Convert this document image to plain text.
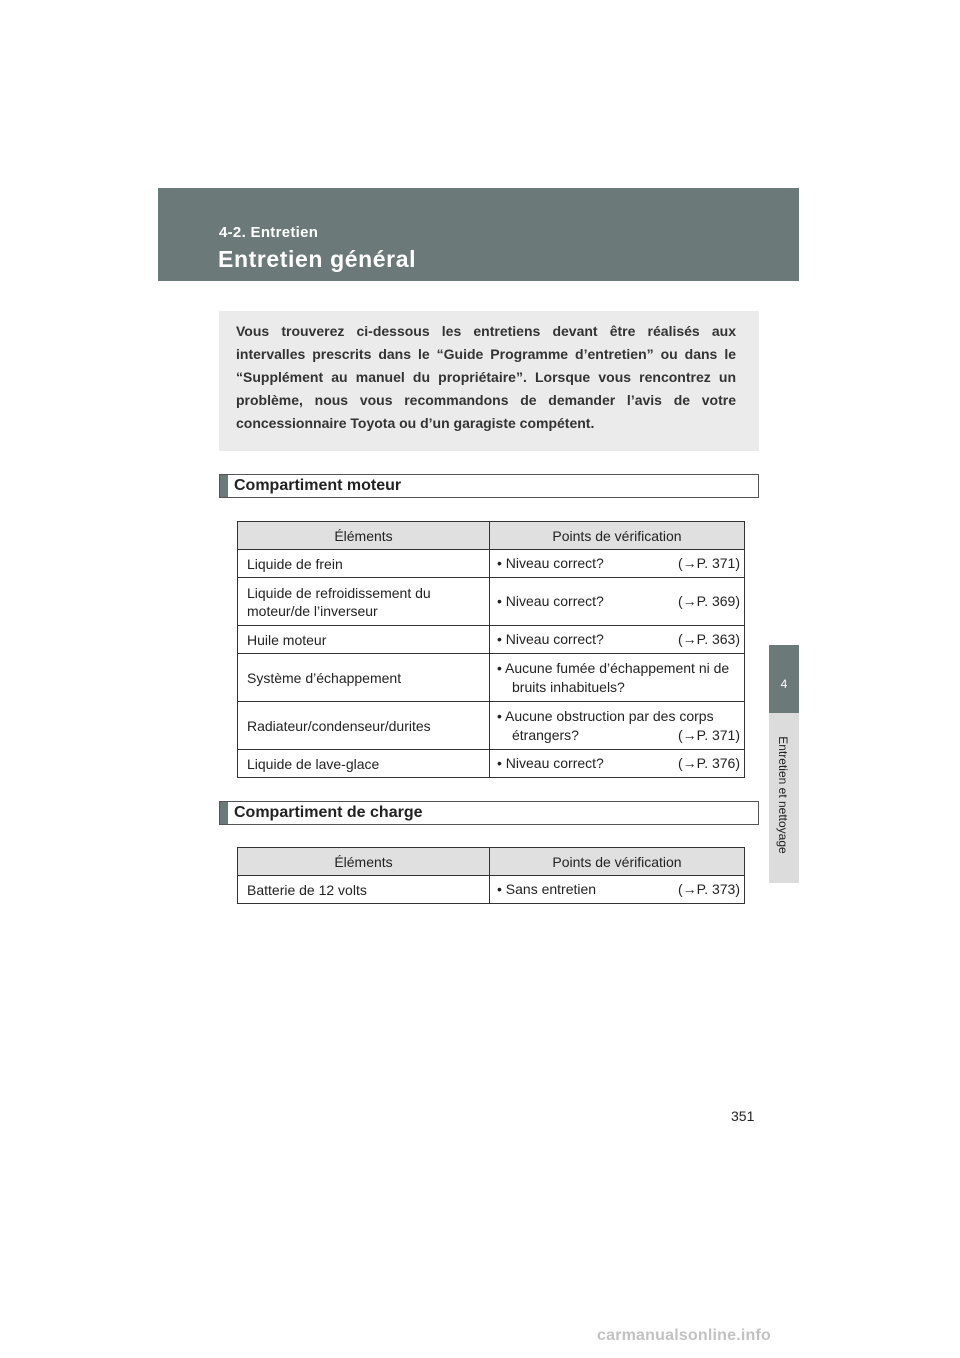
4-2. Entretien
Entretien général
4
Entretien et nettoyage
Vous trouverez ci-dessous les entretiens devant être réalisés aux intervalles prescrits dans le “Guide Programme d’entretien” ou dans le “Supplément au manuel du propriétaire”. Lorsque vous rencontrez un problème, nous vous recommandons de demander l’avis de votre concessionnaire Toyota ou d’un garagiste compétent.
Compartiment moteur
Éléments	Points de vérification
Liquide de frein	• Niveau correct? (→P. 371)

Liquide de refroidissement du moteur/de l’inverseur	• Niveau correct? (→P. 369)

Huile moteur	• Niveau correct? (→P. 363)

Système d’échappement	• Aucune fumée d’échappement ni de bruits inhabituels?

Radiateur/condenseur/durites	• Aucune obstruction par des corps
étrangers? (→P. 371)

Liquide de lave-glace	• Niveau correct? (→P. 376)
Compartiment de charge
Éléments	Points de vérification
Batterie de 12 volts	• Sans entretien (→P. 373)
351
carmanualsonline.info
